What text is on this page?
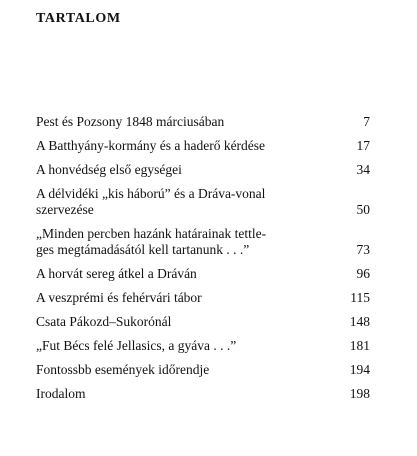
TARTALOM
Pest és Pozsony 1848 márciusában	7
A Batthyány-kormány és a haderő kérdése	17
A honvédség első egységei	34
A délvidéki „kis háború” és a Dráva-vonal
szervezése	50
„Minden percben hazánk határainak tettle-
ges megtámadásától kell tartanunk . . .”	73
A horvát sereg átkel a Dráván	96
A veszprémi és fehérvári tábor	115
Csata Pákozd–Sukorónál	148
„Fut Bécs felé Jellasics, a gyáva . . .”	181
Fontossbb események időrendje	194
Irodalom	198
